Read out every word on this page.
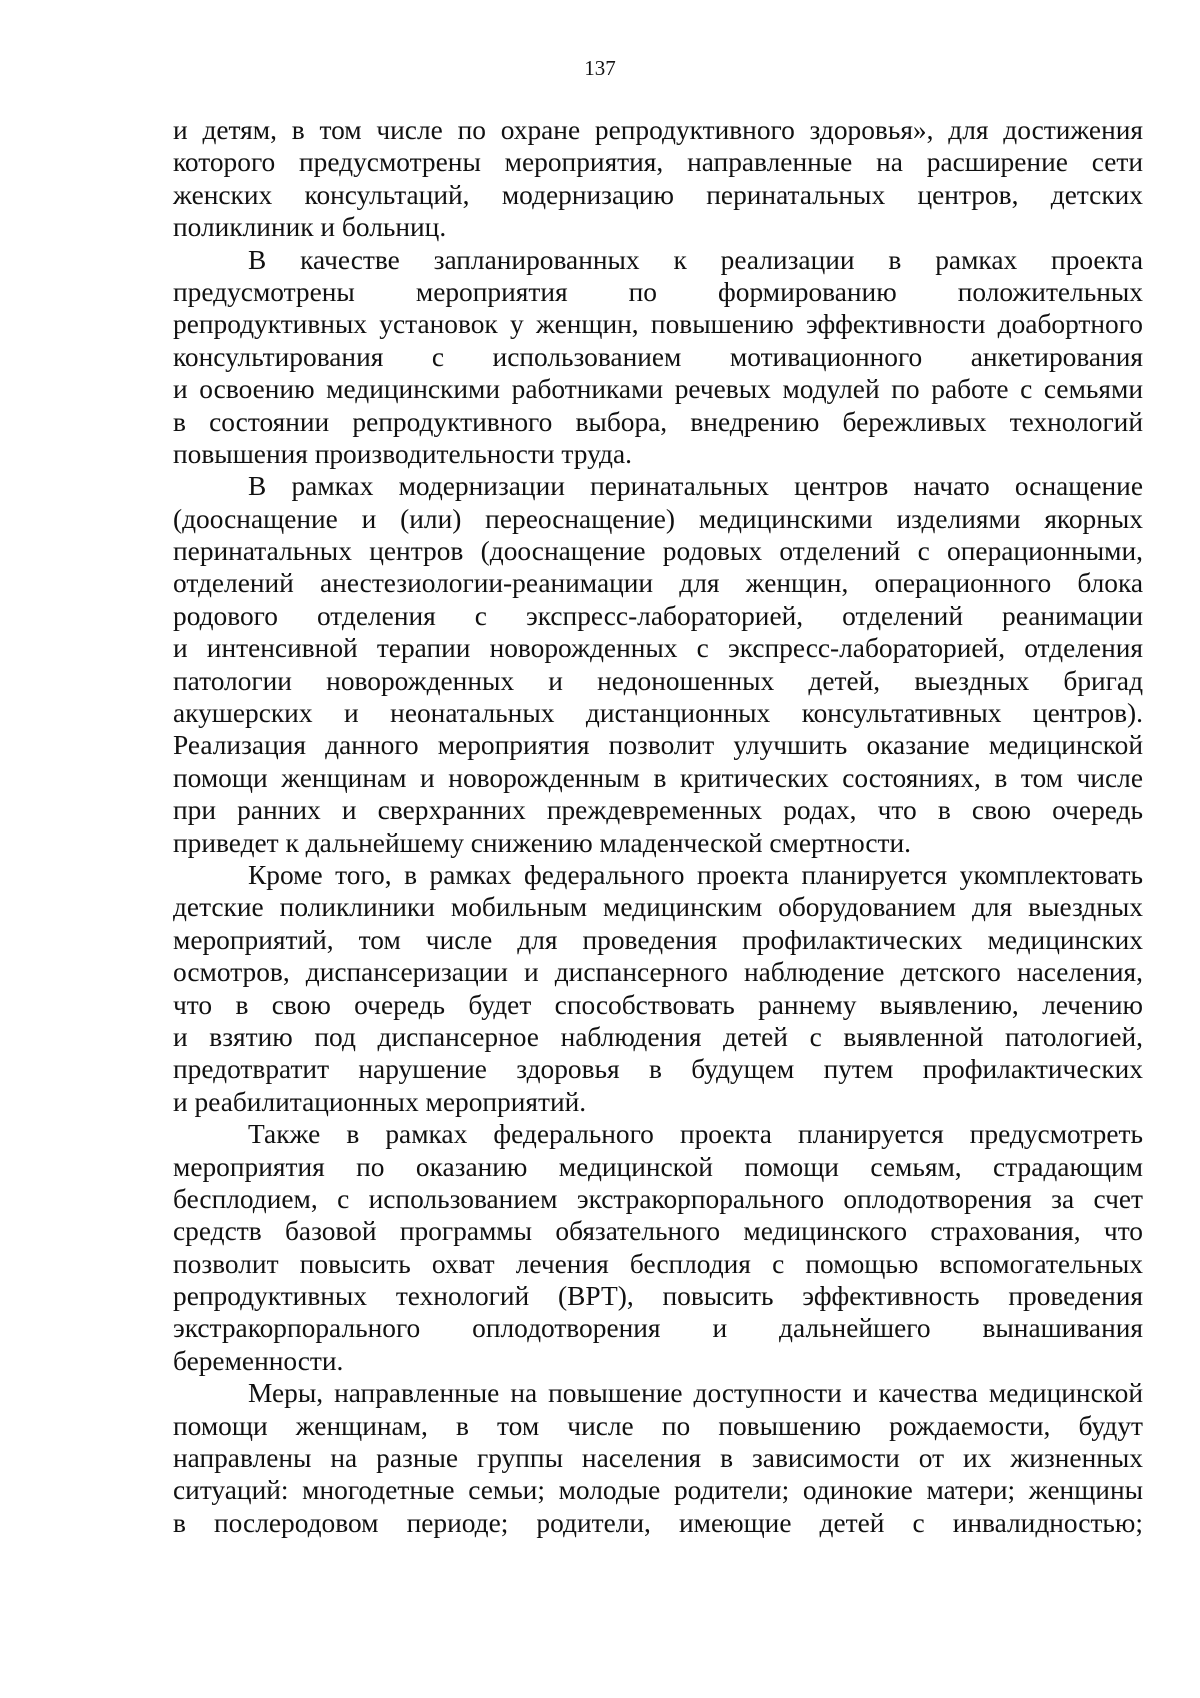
137
и детям, в том числе по охране репродуктивного здоровья», для достижения
которого предусмотрены мероприятия, направленные на расширение сети
женских консультаций, модернизацию перинатальных центров, детских
поликлиник и больниц.
В качестве запланированных к реализации в рамках проекта
предусмотрены мероприятия по формированию положительных
репродуктивных установок у женщин, повышению эффективности доабортного
консультирования с использованием мотивационного анкетирования
и освоению медицинскими работниками речевых модулей по работе с семьями
в состоянии репродуктивного выбора, внедрению бережливых технологий
повышения производительности труда.
В рамках модернизации перинатальных центров начато оснащение
(дооснащение и (или) переоснащение) медицинскими изделиями якорных
перинатальных центров (дооснащение родовых отделений с операционными,
отделений анестезиологии-реанимации для женщин, операционного блока
родового отделения с экспресс-лабораторией, отделений реанимации
и интенсивной терапии новорожденных с экспресс-лабораторией, отделения
патологии новорожденных и недоношенных детей, выездных бригад
акушерских и неонатальных дистанционных консультативных центров).
Реализация данного мероприятия позволит улучшить оказание медицинской
помощи женщинам и новорожденным в критических состояниях, в том числе
при ранних и сверхранних преждевременных родах, что в свою очередь
приведет к дальнейшему снижению младенческой смертности.
Кроме того, в рамках федерального проекта планируется укомплектовать
детские поликлиники мобильным медицинским оборудованием для выездных
мероприятий, том числе для проведения профилактических медицинских
осмотров, диспансеризации и диспансерного наблюдение детского населения,
что в свою очередь будет способствовать раннему выявлению, лечению
и взятию под диспансерное наблюдения детей с выявленной патологией,
предотвратит нарушение здоровья в будущем путем профилактических
и реабилитационных мероприятий.
Также в рамках федерального проекта планируется предусмотреть
мероприятия по оказанию медицинской помощи семьям, страдающим
бесплодием, с использованием экстракорпорального оплодотворения за счет
средств базовой программы обязательного медицинского страхования, что
позволит повысить охват лечения бесплодия с помощью вспомогательных
репродуктивных технологий (ВРТ), повысить эффективность проведения
экстракорпорального оплодотворения и дальнейшего вынашивания
беременности.
Меры, направленные на повышение доступности и качества медицинской
помощи женщинам, в том числе по повышению рождаемости, будут
направлены на разные группы населения в зависимости от их жизненных
ситуаций: многодетные семьи; молодые родители; одинокие матери; женщины
в послеродовом периоде; родители, имеющие детей с инвалидностью;
